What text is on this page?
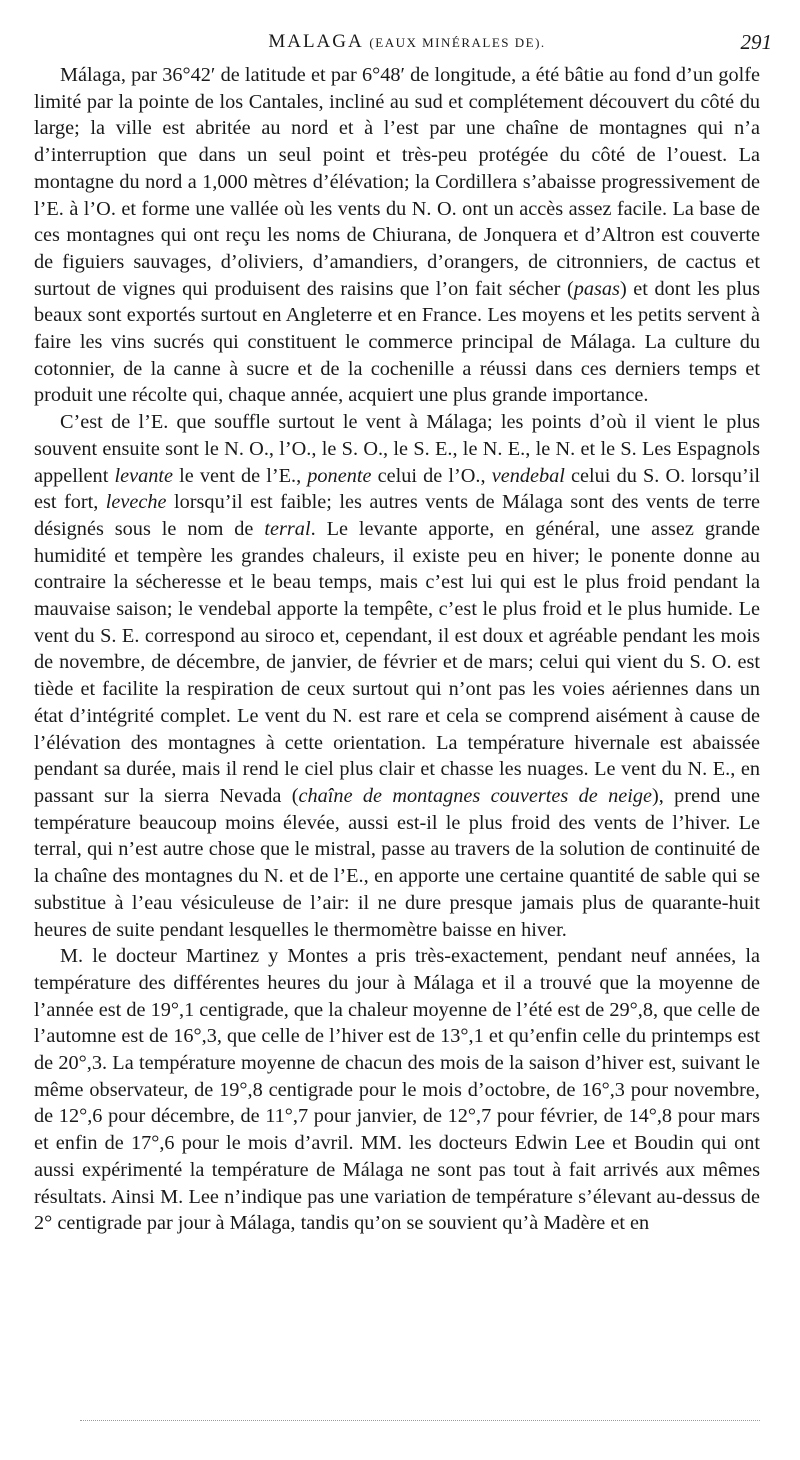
MALAGA (EAUX MINÉRALES DE).	291

Málaga, par 36°42′ de latitude et par 6°48′ de longitude, a été bâtie au fond d’un golfe limité par la pointe de los Cantales, incliné au sud et complétement découvert du côté du large; la ville est abritée au nord et à l’est par une chaîne de montagnes qui n’a d’interruption que dans un seul point et très-peu protégée du côté de l’ouest. La montagne du nord a 1,000 mètres d’élévation; la Cordillera s’abaisse progressivement de l’E. à l’O. et forme une vallée où les vents du N. O. ont un accès assez facile. La base de ces montagnes qui ont reçu les noms de Chiurana, de Jonquera et d’Altron est couverte de figuiers sauvages, d’oliviers, d’amandiers, d’orangers, de citronniers, de cactus et surtout de vignes qui produisent des raisins que l’on fait sécher (pasas) et dont les plus beaux sont exportés surtout en Angleterre et en France. Les moyens et les petits servent à faire les vins sucrés qui constituent le commerce principal de Málaga. La culture du cotonnier, de la canne à sucre et de la cochenille a réussi dans ces derniers temps et produit une récolte qui, chaque année, acquiert une plus grande importance.

C’est de l’E. que souffle surtout le vent à Málaga; les points d’où il vient le plus souvent ensuite sont le N. O., l’O., le S. O., le S. E., le N. E., le N. et le S. Les Espagnols appellent levante le vent de l’E., ponente celui de l’O., vendebal celui du S. O. lorsqu’il est fort, leveche lorsqu’il est faible; les autres vents de Málaga sont des vents de terre désignés sous le nom de terral. Le levante apporte, en général, une assez grande humidité et tempère les grandes chaleurs, il existe peu en hiver; le ponente donne au contraire la sécheresse et le beau temps, mais c’est lui qui est le plus froid pendant la mauvaise saison; le vendebal apporte la tempête, c’est le plus froid et le plus humide. Le vent du S. E. correspond au siroco et, cependant, il est doux et agréable pendant les mois de novembre, de décembre, de janvier, de février et de mars; celui qui vient du S. O. est tiède et facilite la respiration de ceux surtout qui n’ont pas les voies aériennes dans un état d’intégrité complet. Le vent du N. est rare et cela se comprend aisément à cause de l’élévation des montagnes à cette orientation. La température hivernale est abaissée pendant sa durée, mais il rend le ciel plus clair et chasse les nuages. Le vent du N. E., en passant sur la sierra Nevada (chaîne de montagnes couvertes de neige), prend une température beaucoup moins élevée, aussi est-il le plus froid des vents de l’hiver. Le terral, qui n’est autre chose que le mistral, passe au travers de la solution de continuité de la chaîne des montagnes du N. et de l’E., en apporte une certaine quantité de sable qui se substitue à l’eau vésiculeuse de l’air: il ne dure presque jamais plus de quarante-huit heures de suite pendant lesquelles le thermomètre baisse en hiver.

M. le docteur Martinez y Montes a pris très-exactement, pendant neuf années, la température des différentes heures du jour à Málaga et il a trouvé que la moyenne de l’année est de 19°,1 centigrade, que la chaleur moyenne de l’été est de 29°,8, que celle de l’automne est de 16°,3, que celle de l’hiver est de 13°,1 et qu’enfin celle du printemps est de 20°,3. La température moyenne de chacun des mois de la saison d’hiver est, suivant le même observateur, de 19°,8 centigrade pour le mois d’octobre, de 16°,3 pour novembre, de 12°,6 pour décembre, de 11°,7 pour janvier, de 12°,7 pour février, de 14°,8 pour mars et enfin de 17°,6 pour le mois d’avril. MM. les docteurs Edwin Lee et Boudin qui ont aussi expérimenté la température de Málaga ne sont pas tout à fait arrivés aux mêmes résultats. Ainsi M. Lee n’indique pas une variation de température s’élevant au-dessus de 2° centigrade par jour à Málaga, tandis qu’on se souvient qu’à Madère et en
